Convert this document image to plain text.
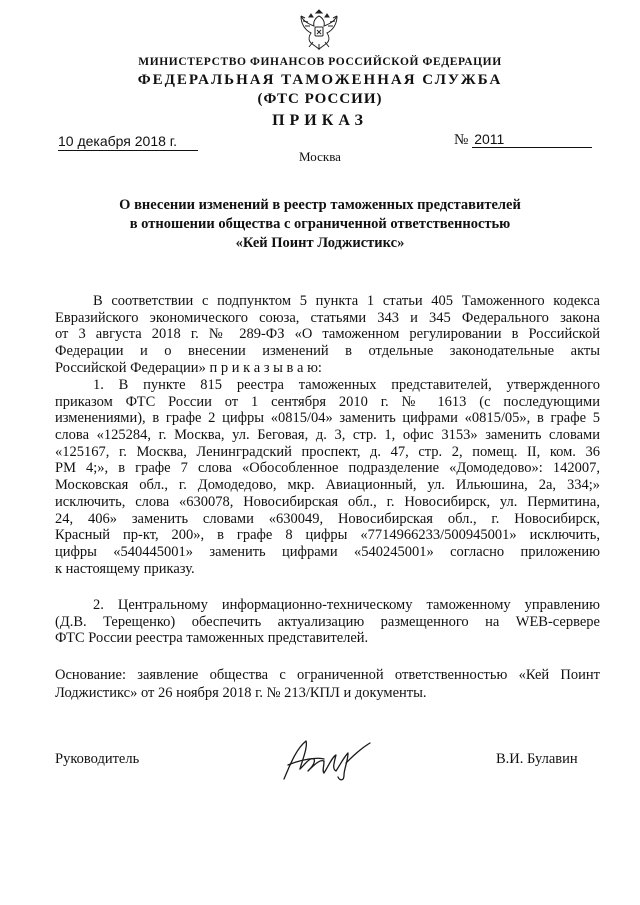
МИНИСТЕРСТВО ФИНАНСОВ РОССИЙСКОЙ ФЕДЕРАЦИИ
ФЕДЕРАЛЬНАЯ ТАМОЖЕННАЯ СЛУЖБА
(ФТС РОССИИ)
ПРИКАЗ
10 декабря 2018 г.	№ 2011
Москва
О внесении изменений в реестр таможенных представителей
в отношении общества с ограниченной ответственностью
«Кей Поинт Лоджистикс»
В соответствии с подпунктом 5 пункта 1 статьи 405 Таможенного кодекса
Евразийского экономического союза, статьями 343 и 345 Федерального закона
от 3 августа 2018 г. № 289-ФЗ «О таможенном регулировании в Российской
Федерации и о внесении изменений в отдельные законодательные акты
Российской Федерации» п р и к а з ы в а ю:
1. В пункте 815 реестра таможенных представителей, утвержденного
приказом ФТС России от 1 сентября 2010 г. № 1613 (с последующими
изменениями), в графе 2 цифры «0815/04» заменить цифрами «0815/05», в графе 5
слова «125284, г. Москва, ул. Беговая, д. 3, стр. 1, офис 3153» заменить словами
«125167, г. Москва, Ленинградский проспект, д. 47, стр. 2, помещ. II, ком. 36
РМ 4;», в графе 7 слова «Обособленное подразделение «Домодедово»: 142007,
Московская обл., г. Домодедово, мкр. Авиационный, ул. Ильюшина, 2а, 334;»
исключить, слова «630078, Новосибирская обл., г. Новосибирск, ул. Пермитина,
24, 406» заменить словами «630049, Новосибирская обл., г. Новосибирск,
Красный пр-кт, 200», в графе 8 цифры «7714966233/500945001» исключить,
цифры «540445001» заменить цифрами «540245001» согласно приложению
к настоящему приказу.
2. Центральному информационно-техническому таможенному управлению
(Д.В. Терещенко) обеспечить актуализацию размещенного на WEB-сервере
ФТС России реестра таможенных представителей.
Основание: заявление общества с ограниченной ответственностью «Кей Поинт
Лоджистикс» от 26 ноября 2018 г. № 213/КПЛ и документы.
Руководитель	В.И. Булавин
